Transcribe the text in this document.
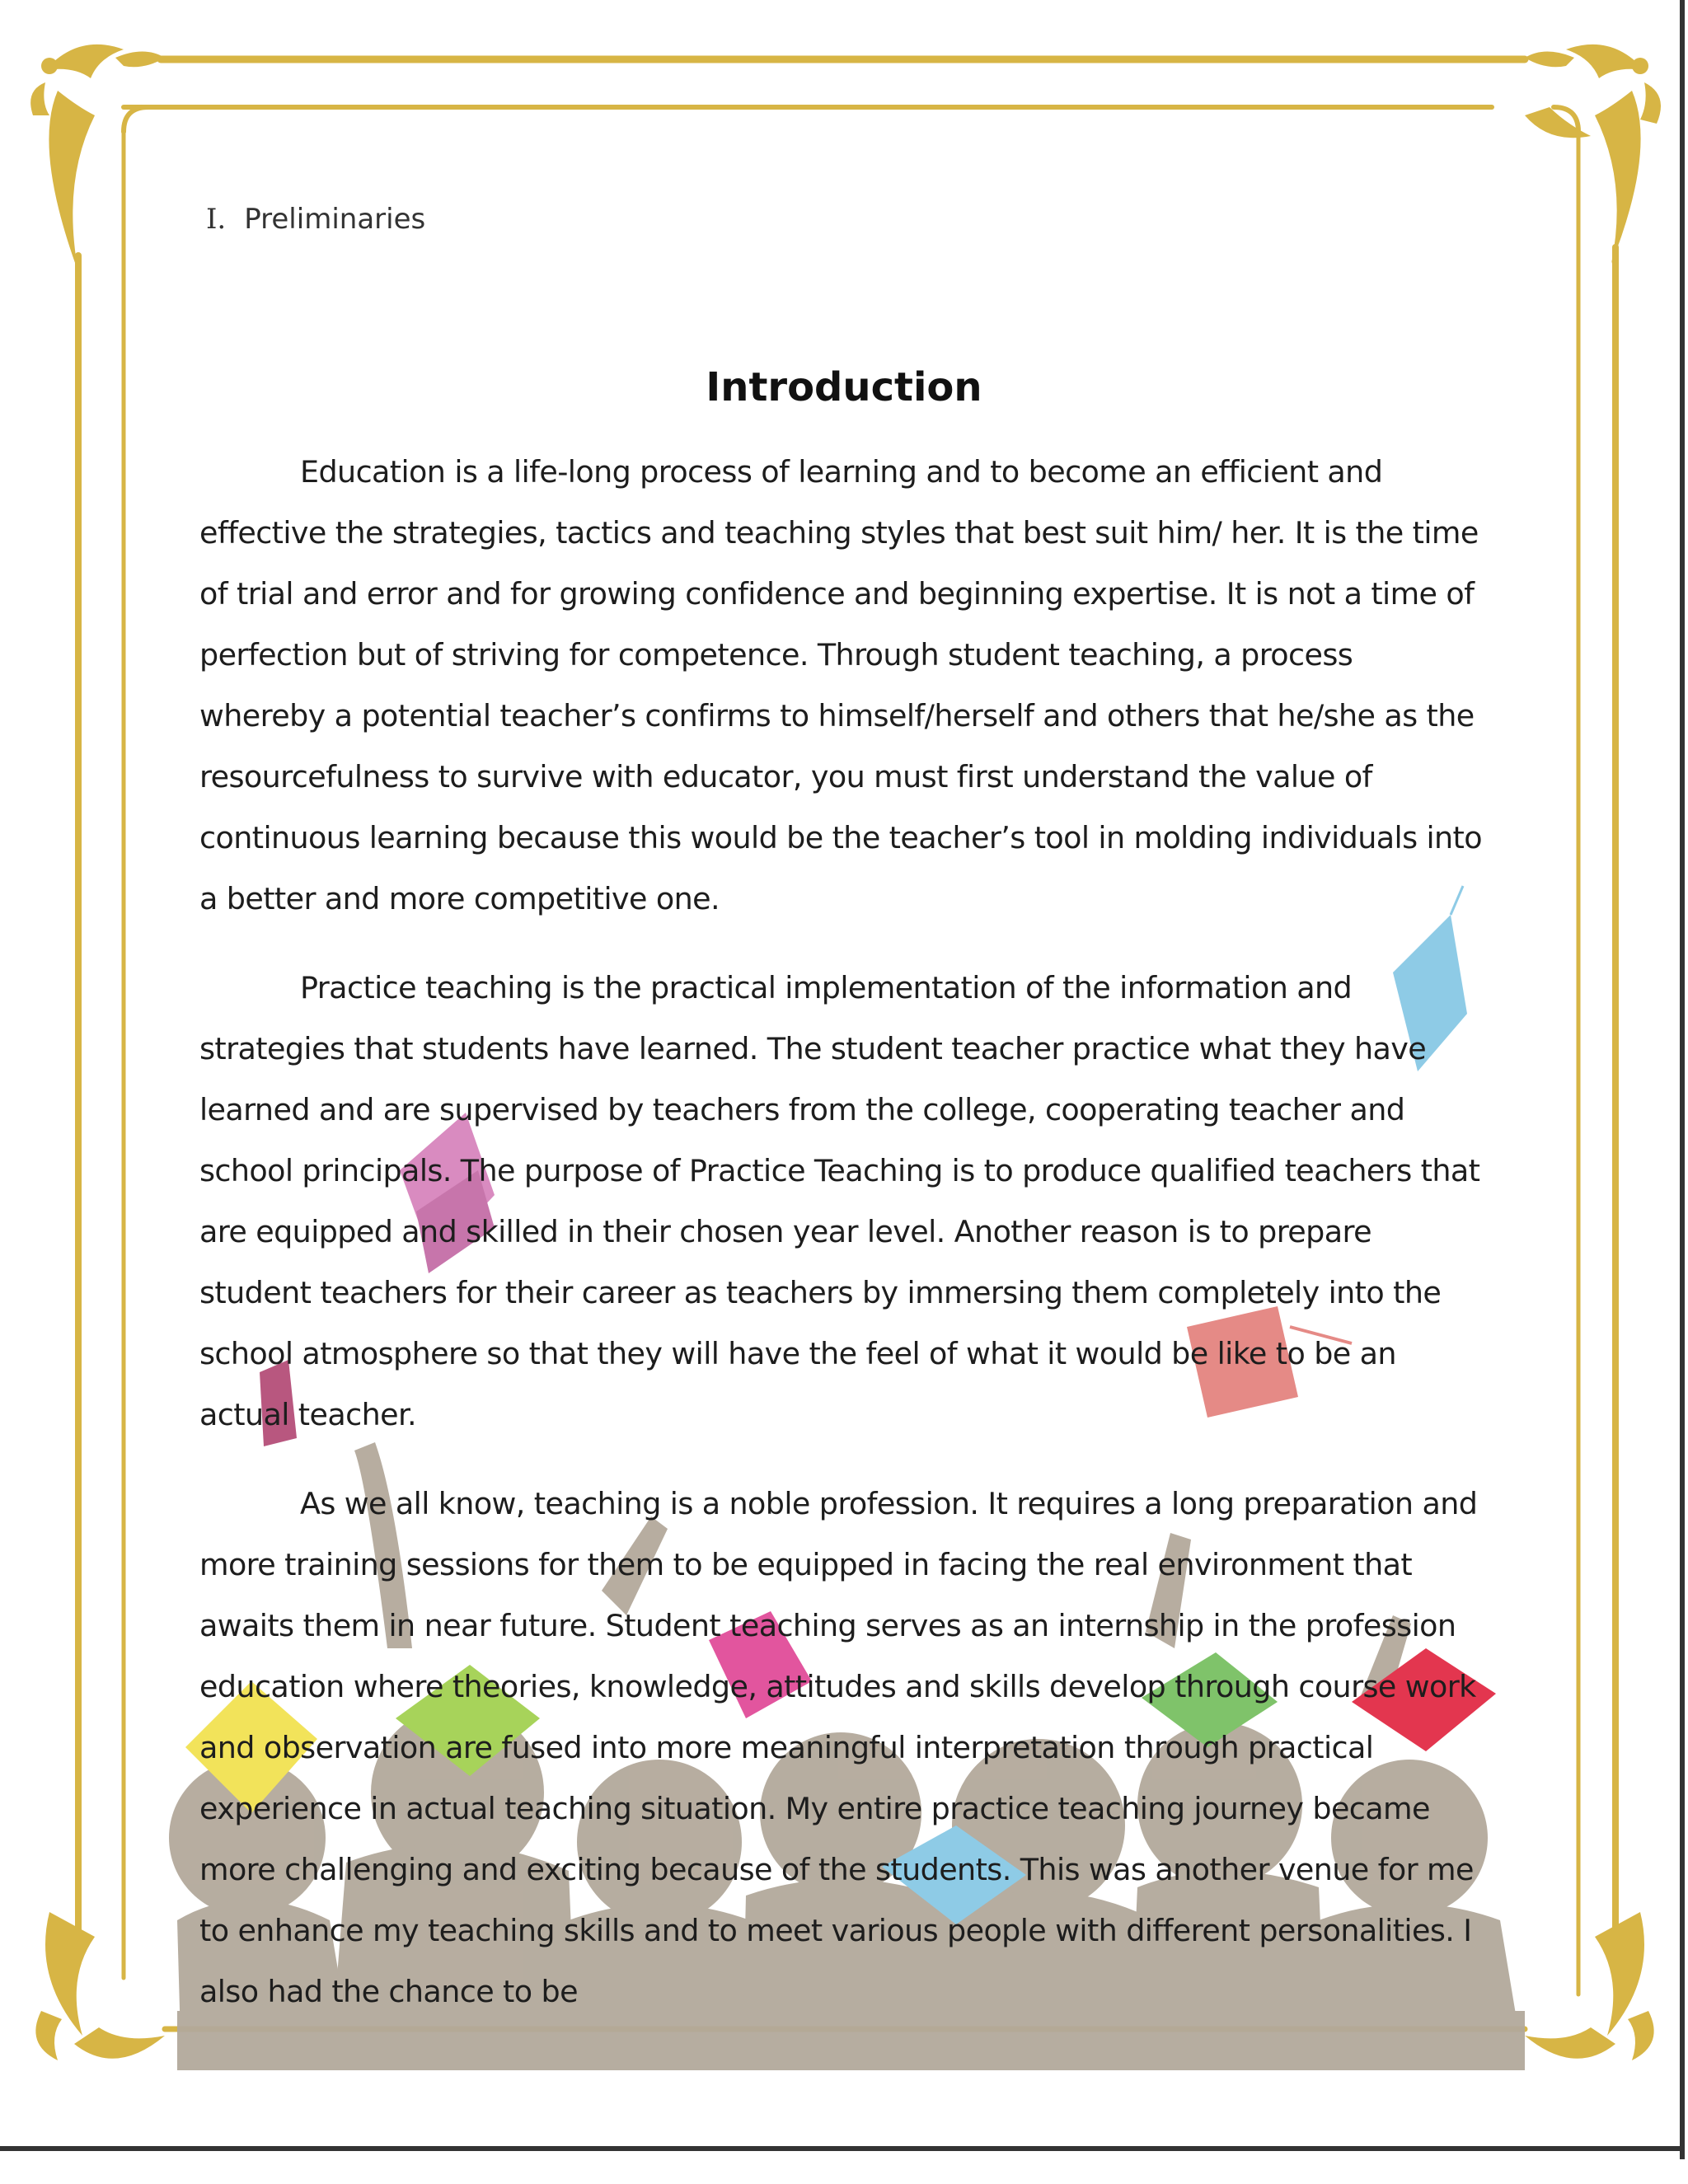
Ⅰ. Preliminaries
Introduction

Education is a life-long process of learning and to become an efficient and effective the strategies, tactics and teaching styles that best suit him/ her. It is the time of trial and error and for growing confidence and beginning expertise. It is not a time of perfection but of striving for competence. Through student teaching, a process whereby a potential teacher’s confirms to himself/herself and others that he/she as the resourcefulness to survive with educator, you must first understand the value of continuous learning because this would be the teacher’s tool in molding individuals into a better and more competitive one.

Practice teaching is the practical implementation of the information and strategies that students have learned. The student teacher practice what they have learned and are supervised by teachers from the college, cooperating teacher and school principals. The purpose of Practice Teaching is to produce qualified teachers that are equipped and skilled in their chosen year level. Another reason is to prepare student teachers for their career as teachers by immersing them completely into the school atmosphere so that they will have the feel of what it would be like to be an actual teacher.

As we all know, teaching is a noble profession. It requires a long preparation and more training sessions for them to be equipped in facing the real environment that awaits them in near future. Student teaching serves as an internship in the profession education where theories, knowledge, attitudes and skills develop through course work and observation are fused into more meaningful interpretation through practical experience in actual teaching situation. My entire practice teaching journey became more challenging and exciting because of the students. This was another venue for me to enhance my teaching skills and to meet various people with different personalities. I also had the chance to be
